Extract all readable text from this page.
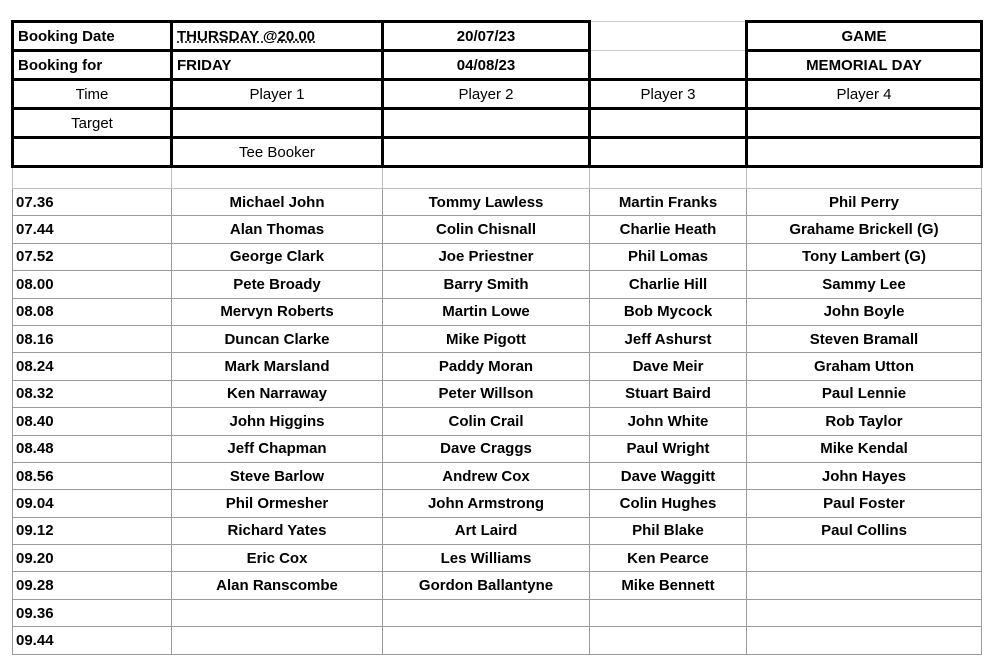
Booking Date	THURSDAY @20.00	20/07/23		GAME
Booking for	FRIDAY	04/08/23		MEMORIAL DAY
Time	Player 1	Player 2	Player 3	Player 4
Target				
	Tee Booker			

07.36	Michael John	Tommy Lawless	Martin Franks	Phil Perry
07.44	Alan Thomas	Colin Chisnall	Charlie Heath	Grahame Brickell (G)
07.52	George Clark	Joe Priestner	Phil Lomas	Tony Lambert (G)
08.00	Pete Broady	Barry Smith	Charlie Hill	Sammy Lee
08.08	Mervyn Roberts	Martin Lowe	Bob Mycock	John Boyle
08.16	Duncan Clarke	Mike Pigott	Jeff Ashurst	Steven Bramall
08.24	Mark Marsland	Paddy Moran	Dave Meir	Graham Utton
08.32	Ken Narraway	Peter Willson	Stuart Baird	Paul Lennie
08.40	John Higgins	Colin Crail	John White	Rob Taylor
08.48	Jeff Chapman	Dave Craggs	Paul Wright	Mike Kendal
08.56	Steve Barlow	Andrew Cox	Dave Waggitt	John Hayes
09.04	Phil Ormesher	John Armstrong	Colin Hughes	Paul Foster
09.12	Richard Yates	Art Laird	Phil Blake	Paul Collins
09.20	Eric Cox	Les Williams	Ken Pearce	
09.28	Alan Ranscombe	Gordon Ballantyne	Mike Bennett	
09.36				
09.44				
